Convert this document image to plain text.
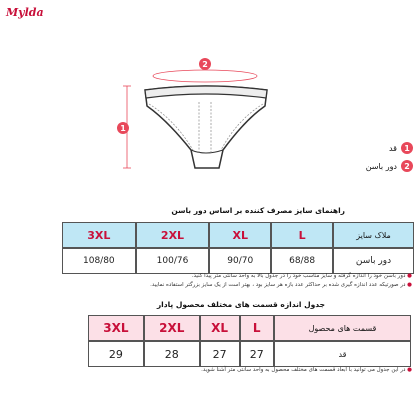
Mylda
2
1
1
قد
2
دور باسن
راهنمای سایز مصرف کننده بر اساس دور باسن
3XL	2XL	XL	L	ملاک سایز
108/80	100/76	90/70	68/88	دور باسن
● دور باسن خود را اندازه گرفته و سایز مناسب خود را در جدول بالا به واحد سانتی متر پیدا کنید.
● در صورتیکه عدد اندازه گیری شده بر حداکثر عدد بازه هر سایز بود ، بهتر است از یک سایز بزرگتر استفاده نمایید.
جدول اندازه قسمت های مختلف محصول پادار
3XL	2XL	XL	L	قسمت های محصول
29	28	27	27	قد
● در این جدول می توانید با ابعاد قسمت های مختلف محصول به واحد سانتی متر آشنا شوید.
